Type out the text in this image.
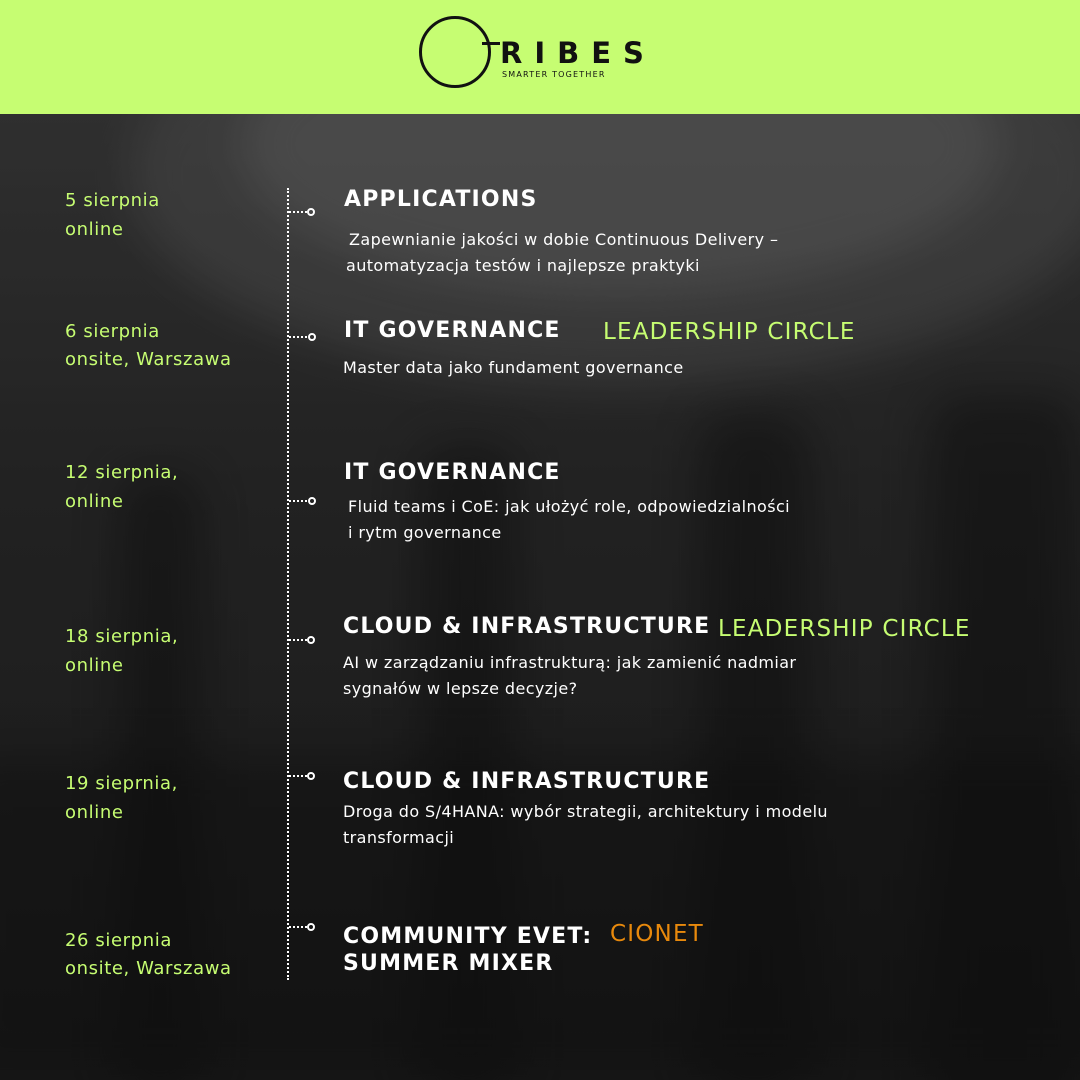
RIBES
SMARTER TOGETHER
5 sierpnia
online
APPLICATIONS
Zapewnianie jakości w dobie Continuous Delivery –
automatyzacja testów i najlepsze praktyki
6 sierpnia
onsite, Warszawa
IT GOVERNANCE LEADERSHIP CIRCLE
Master data jako fundament governance
12 sierpnia,
online
IT GOVERNANCE
Fluid teams i CoE: jak ułożyć role, odpowiedzialności
i rytm governance
18 sierpnia,
online
CLOUD & INFRASTRUCTURE LEADERSHIP CIRCLE
AI w zarządzaniu infrastrukturą: jak zamienić nadmiar
sygnałów w lepsze decyzje?
19 sieprnia,
online
CLOUD & INFRASTRUCTURE
Droga do S/4HANA: wybór strategii, architektury i modelu
transformacji
26 sierpnia
onsite, Warszawa
COMMUNITY EVET:
SUMMER MIXER
CIONET
